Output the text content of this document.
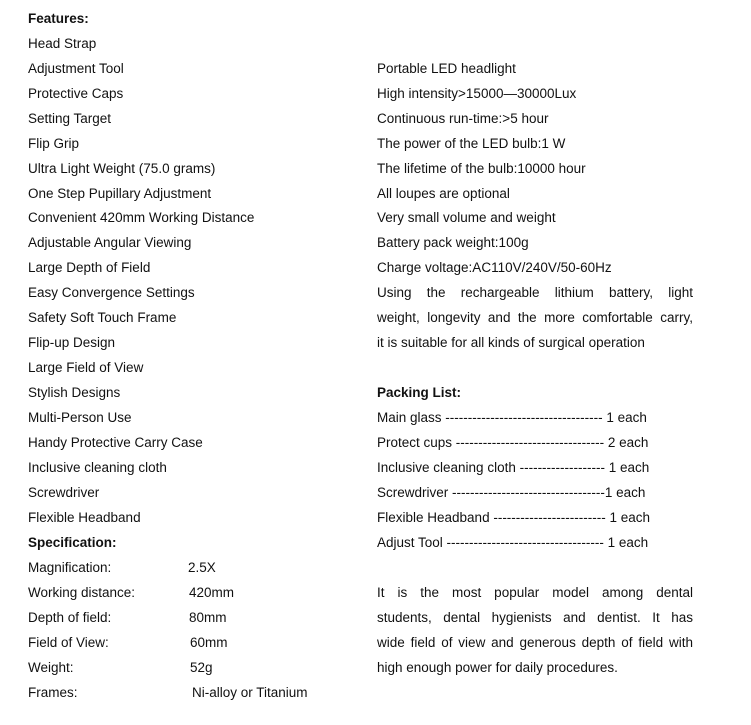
Features:
Head Strap
Adjustment Tool
Protective Caps
Setting Target
Flip Grip
Ultra Light Weight (75.0 grams)
One Step Pupillary Adjustment
Convenient 420mm Working Distance
Adjustable Angular Viewing
Large Depth of Field
Easy Convergence Settings
Safety Soft Touch Frame
Flip-up Design
Large Field of View
Stylish Designs
Multi-Person Use
Handy Protective Carry Case
Inclusive cleaning cloth
Screwdriver
Flexible Headband
Specification:
Magnification:	2.5X
Working distance:	420mm
Depth of field:	80mm
Field of View:	60mm
Weight:	52g
Frames:	Ni-alloy or Titanium
Portable LED headlight
High intensity>15000—30000Lux
Continuous run-time:>5 hour
The power of the LED bulb:1 W
The lifetime of the bulb:10000 hour
All loupes are optional
Very small volume and weight
Battery pack weight:100g
Charge voltage:AC110V/240V/50-60Hz
Using the rechargeable lithium battery, light
weight, longevity and the more comfortable carry,
it is suitable for all kinds of surgical operation
Packing List:
Main glass ----------------------------------- 1 each
Protect cups --------------------------------- 2 each
Inclusive cleaning cloth ------------------- 1 each
Screwdriver ----------------------------------1 each
Flexible Headband ------------------------- 1 each
Adjust Tool ----------------------------------- 1 each
It is the most popular model among dental
students, dental hygienists and dentist. It has
wide field of view and generous depth of field with
high enough power for daily procedures.
